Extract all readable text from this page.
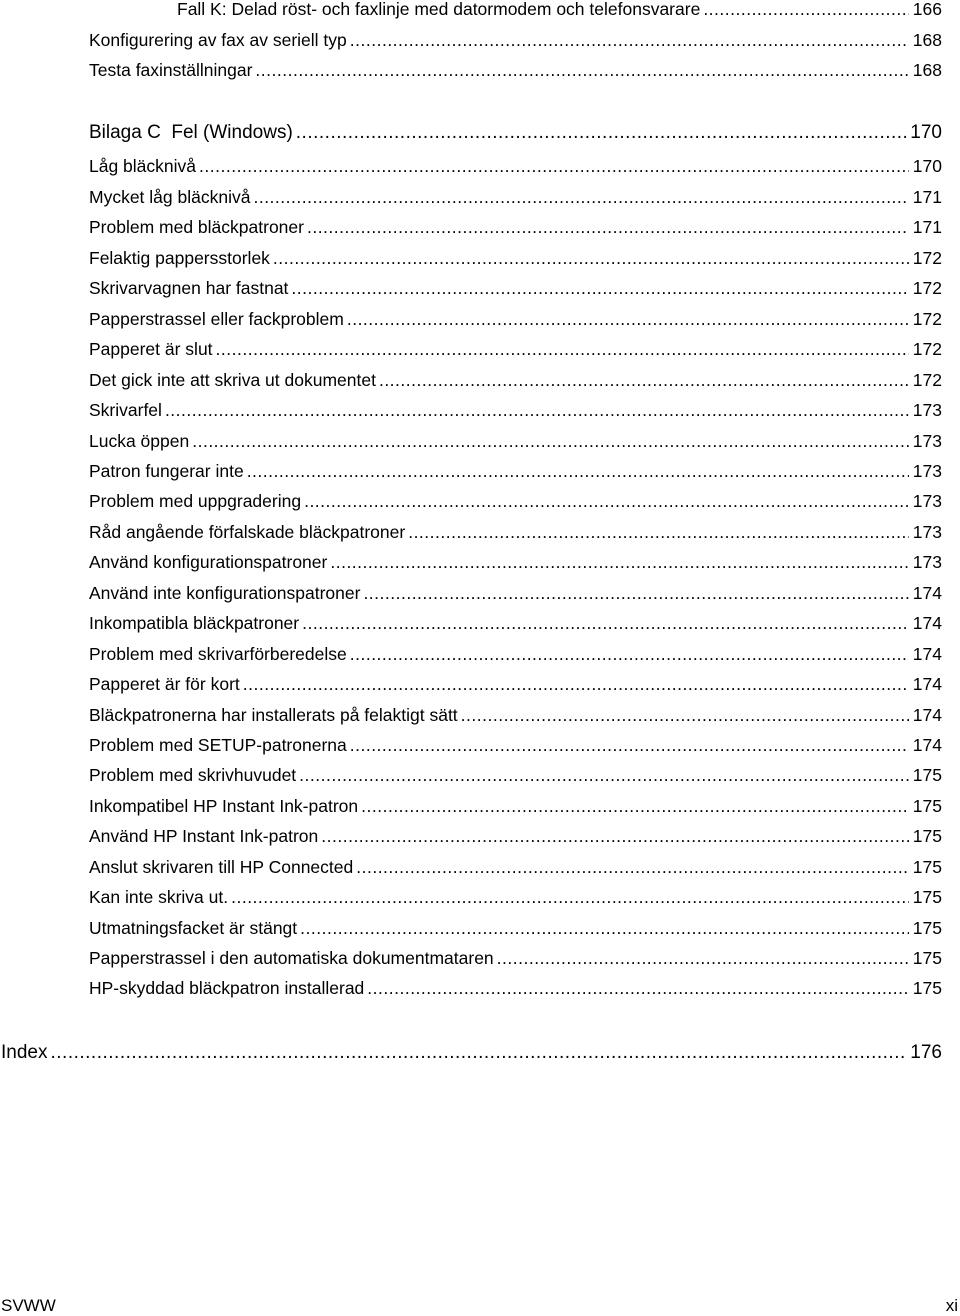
Fall K: Delad röst- och faxlinje med datormodem och telefonsvarare .....	166
Konfigurering av fax av seriell typ .....	168
Testa faxinställningar .....	168
Bilaga C  Fel (Windows) .....	170
Låg bläcknivå .....	170
Mycket låg bläcknivå .....	171
Problem med bläckpatroner .....	171
Felaktig pappersstorlek .....	172
Skrivarvagnen har fastnat .....	172
Papperstrassel eller fackproblem .....	172
Papperet är slut .....	172
Det gick inte att skriva ut dokumentet .....	172
Skrivarfel .....	173
Lucka öppen .....	173
Patron fungerar inte .....	173
Problem med uppgradering .....	173
Råd angående förfalskade bläckpatroner .....	173
Använd konfigurationspatroner .....	173
Använd inte konfigurationspatroner .....	174
Inkompatibla bläckpatroner .....	174
Problem med skrivarförberedelse .....	174
Papperet är för kort .....	174
Bläckpatronerna har installerats på felaktigt sätt .....	174
Problem med SETUP-patronerna .....	174
Problem med skrivhuvudet .....	175
Inkompatibel HP Instant Ink-patron .....	175
Använd HP Instant Ink-patron .....	175
Anslut skrivaren till HP Connected .....	175
Kan inte skriva ut. .....	175
Utmatningsfacket är stängt .....	175
Papperstrassel i den automatiska dokumentmataren .....	175
HP-skyddad bläckpatron installerad .....	175
Index .....	176
SVWW	xi
